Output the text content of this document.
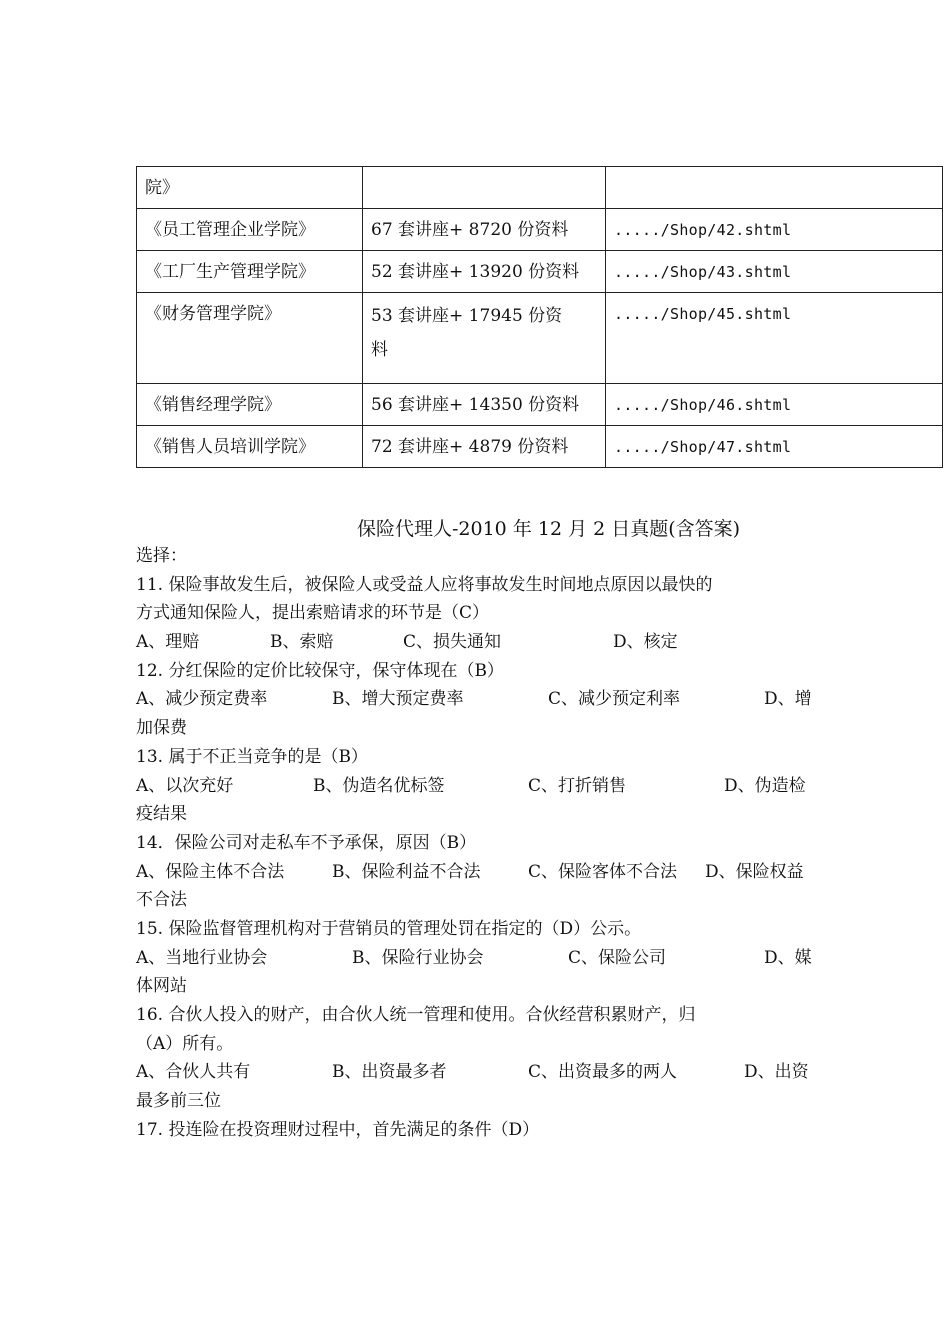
院》		
《员工管理企业学院》	67 套讲座+ 8720 份资料	...../Shop/42.shtml
《工厂生产管理学院》	52 套讲座+ 13920 份资料	...../Shop/43.shtml
《财务管理学院》	53 套讲座+ 17945 份资
料	...../Shop/45.shtml
《销售经理学院》	56 套讲座+ 14350 份资料	...../Shop/46.shtml
《销售人员培训学院》	72 套讲座+ 4879 份资料	...../Shop/47.shtml
保险代理人-2010 年 12 月 2 日真题(含答案)
选择：
11. 保险事故发生后，被保险人或受益人应将事故发生时间地点原因以最快的
方式通知保险人，提出索赔请求的环节是（C）
A、理赔	B、索赔	C、损失通知	D、核定
12. 分红保险的定价比较保守，保守体现在（B）
A、减少预定费率	B、增大预定费率	C、减少预定利率	D、增
加保费
13. 属于不正当竞争的是（B）
A、以次充好	B、伪造名优标签	C、打折销售	D、伪造检
疫结果
14．保险公司对走私车不予承保，原因（B）
A、保险主体不合法	B、保险利益不合法	C、保险客体不合法 D、保险权益
不合法
15. 保险监督管理机构对于营销员的管理处罚在指定的（D）公示。
A、当地行业协会	B、保险行业协会	C、保险公司	D、媒
体网站
16. 合伙人投入的财产，由合伙人统一管理和使用。合伙经营积累财产，归
（A）所有。
A、合伙人共有	B、出资最多者	C、出资最多的两人	D、出资
最多前三位
17. 投连险在投资理财过程中，首先满足的条件（D）
